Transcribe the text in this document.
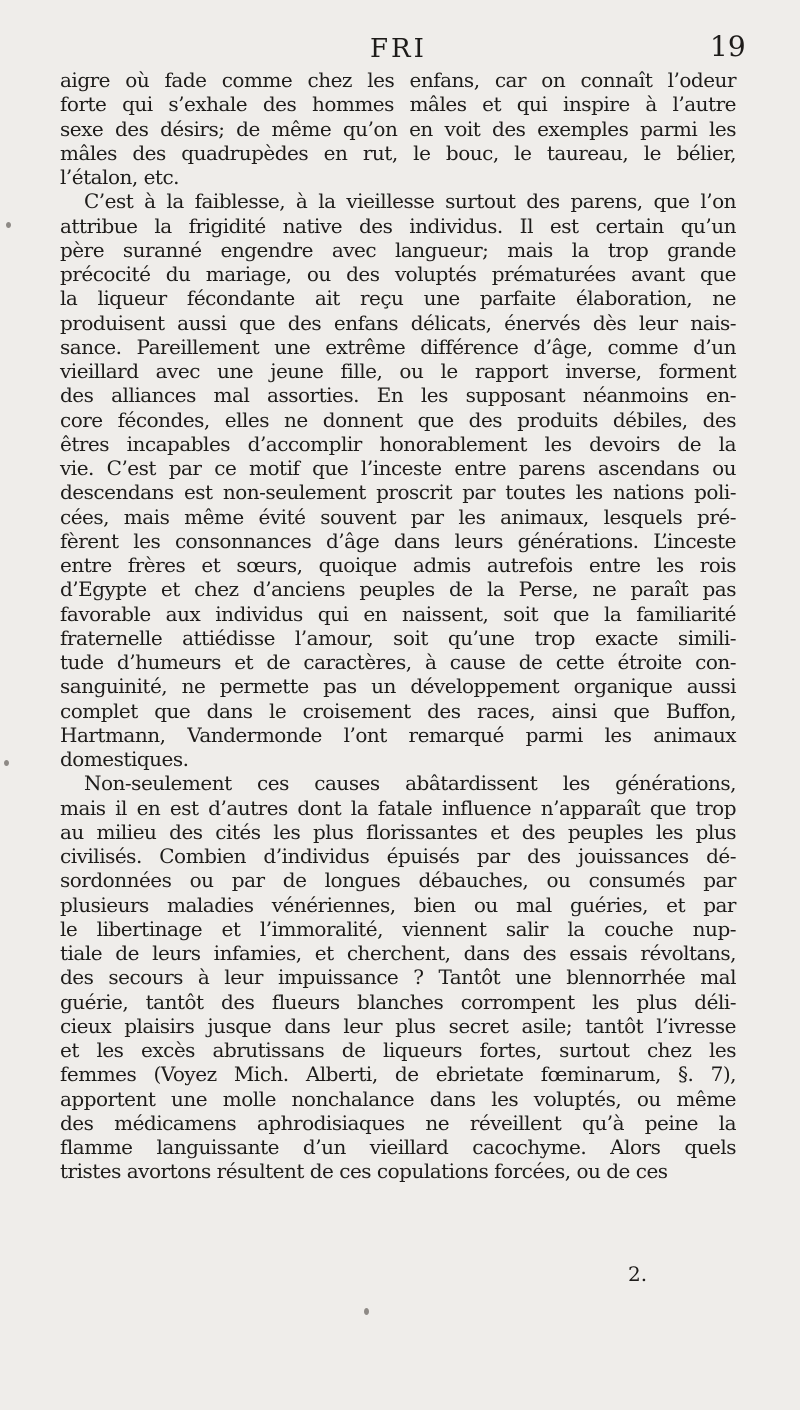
FRI	19
aigre où fade comme chez les enfans, car on connaît l’odeur
forte qui s’exhale des hommes mâles et qui inspire à l’autre
sexe des désirs; de même qu’on en voit des exemples parmi les
mâles des quadrupèdes en rut, le bouc, le taureau, le bélier,
l’étalon, etc.
C’est à la faiblesse, à la vieillesse surtout des parens, que l’on
attribue la frigidité native des individus. Il est certain qu’un
père suranné engendre avec langueur; mais la trop grande
précocité du mariage, ou des voluptés prématurées avant que
la liqueur fécondante ait reçu une parfaite élaboration, ne
produisent aussi que des enfans délicats, énervés dès leur nais-
sance. Pareillement une extrême différence d’âge, comme d’un
vieillard avec une jeune fille, ou le rapport inverse, forment
des alliances mal assorties. En les supposant néanmoins en-
core fécondes, elles ne donnent que des produits débiles, des
êtres incapables d’accomplir honorablement les devoirs de la
vie. C’est par ce motif que l’inceste entre parens ascendans ou
descendans est non-seulement proscrit par toutes les nations poli-
cées, mais même évité souvent par les animaux, lesquels pré-
fèrent les consonnances d’âge dans leurs générations. L’inceste
entre frères et sœurs, quoique admis autrefois entre les rois
d’Egypte et chez d’anciens peuples de la Perse, ne paraît pas
favorable aux individus qui en naissent, soit que la familiarité
fraternelle attiédisse l’amour, soit qu’une trop exacte simili-
tude d’humeurs et de caractères, à cause de cette étroite con-
sanguinité, ne permette pas un développement organique aussi
complet que dans le croisement des races, ainsi que Buffon,
Hartmann, Vandermonde l’ont remarqué parmi les animaux
domestiques.
Non-seulement ces causes abâtardissent les générations,
mais il en est d’autres dont la fatale influence n’apparaît que trop
au milieu des cités les plus florissantes et des peuples les plus
civilisés. Combien d’individus épuisés par des jouissances dé-
sordonnées ou par de longues débauches, ou consumés par
plusieurs maladies vénériennes, bien ou mal guéries, et par
le libertinage et l’immoralité, viennent salir la couche nup-
tiale de leurs infamies, et cherchent, dans des essais révoltans,
des secours à leur impuissance ? Tantôt une blennorrhée mal
guérie, tantôt des flueurs blanches corrompent les plus déli-
cieux plaisirs jusque dans leur plus secret asile; tantôt l’ivresse
et les excès abrutissans de liqueurs fortes, surtout chez les
femmes (Voyez Mich. Alberti, de ebrietate fœminarum, §. 7),
apportent une molle nonchalance dans les voluptés, ou même
des médicamens aphrodisiaques ne réveillent qu’à peine la
flamme languissante d’un vieillard cacochyme. Alors quels
tristes avortons résultent de ces copulations forcées, ou de ces
2.
